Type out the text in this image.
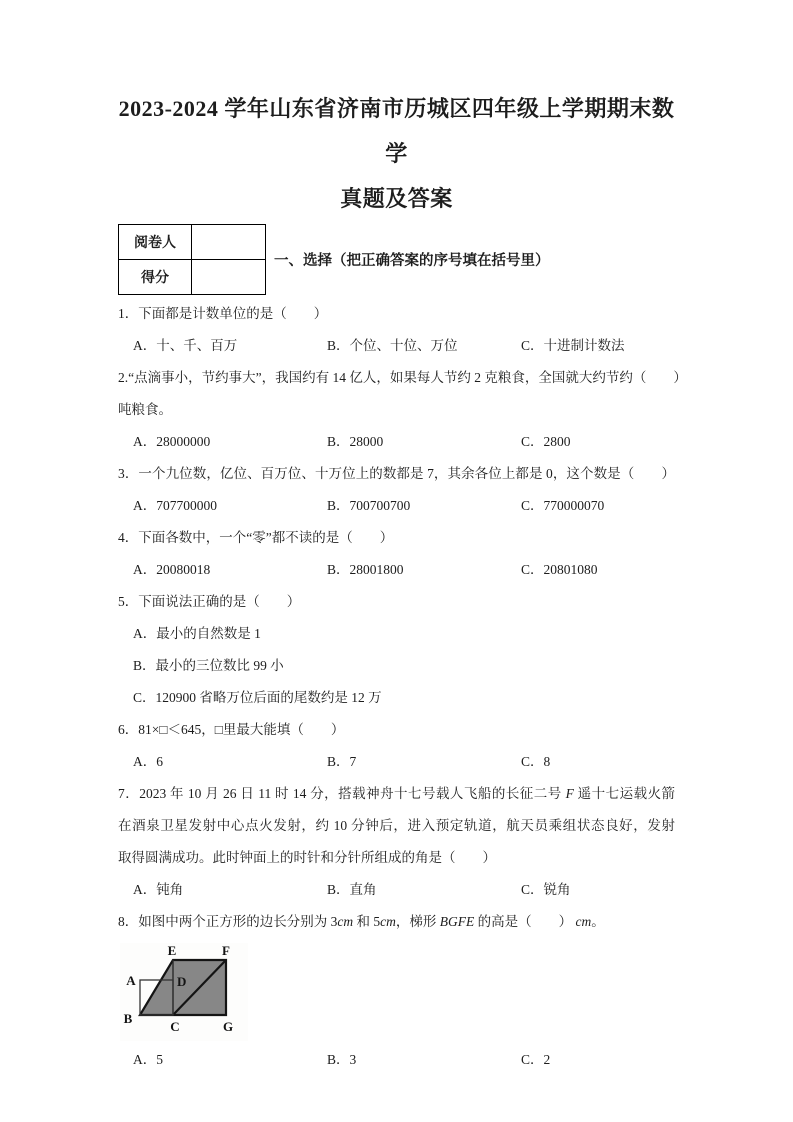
2023-2024 学年山东省济南市历城区四年级上学期期末数学
真题及答案
阅卷人	
得分	
一、选择（把正确答案的序号填在括号里）
1．下面都是计数单位的是（　　）
A．十、千、百万	B．个位、十位、万位	C．十进制计数法
2.“点滴事小，节约事大”，我国约有 14 亿人，如果每人节约 2 克粮食，全国就大约节约（　　）
吨粮食。
A．28000000	B．28000	C．2800
3．一个九位数，亿位、百万位、十万位上的数都是 7，其余各位上都是 0，这个数是（　　）
A．707700000	B．700700700	C．770000070
4．下面各数中，一个“零”都不读的是（　　）
A．20080018	B．28001800	C．20801080
5．下面说法正确的是（　　）
A．最小的自然数是 1
B．最小的三位数比 99 小
C．120900 省略万位后面的尾数约是 12 万
6．81×□＜645，□里最大能填（　　）
A．6	B．7	C．8
7．2023 年 10 月 26 日 11 时 14 分，搭载神舟十七号载人飞船的长征二号 F 遥十七运载火箭
在酒泉卫星发射中心点火发射，约 10 分钟后，进入预定轨道，航天员乘组状态良好，发射
取得圆满成功。此时钟面上的时针和分针所组成的角是（　　）
A．钝角	B．直角	C．锐角
8．如图中两个正方形的边长分别为 3cm 和 5cm，梯形 BGFE 的高是（　　） cm。
A
B
C
D
E	F
G
A．5	B．3	C．2
